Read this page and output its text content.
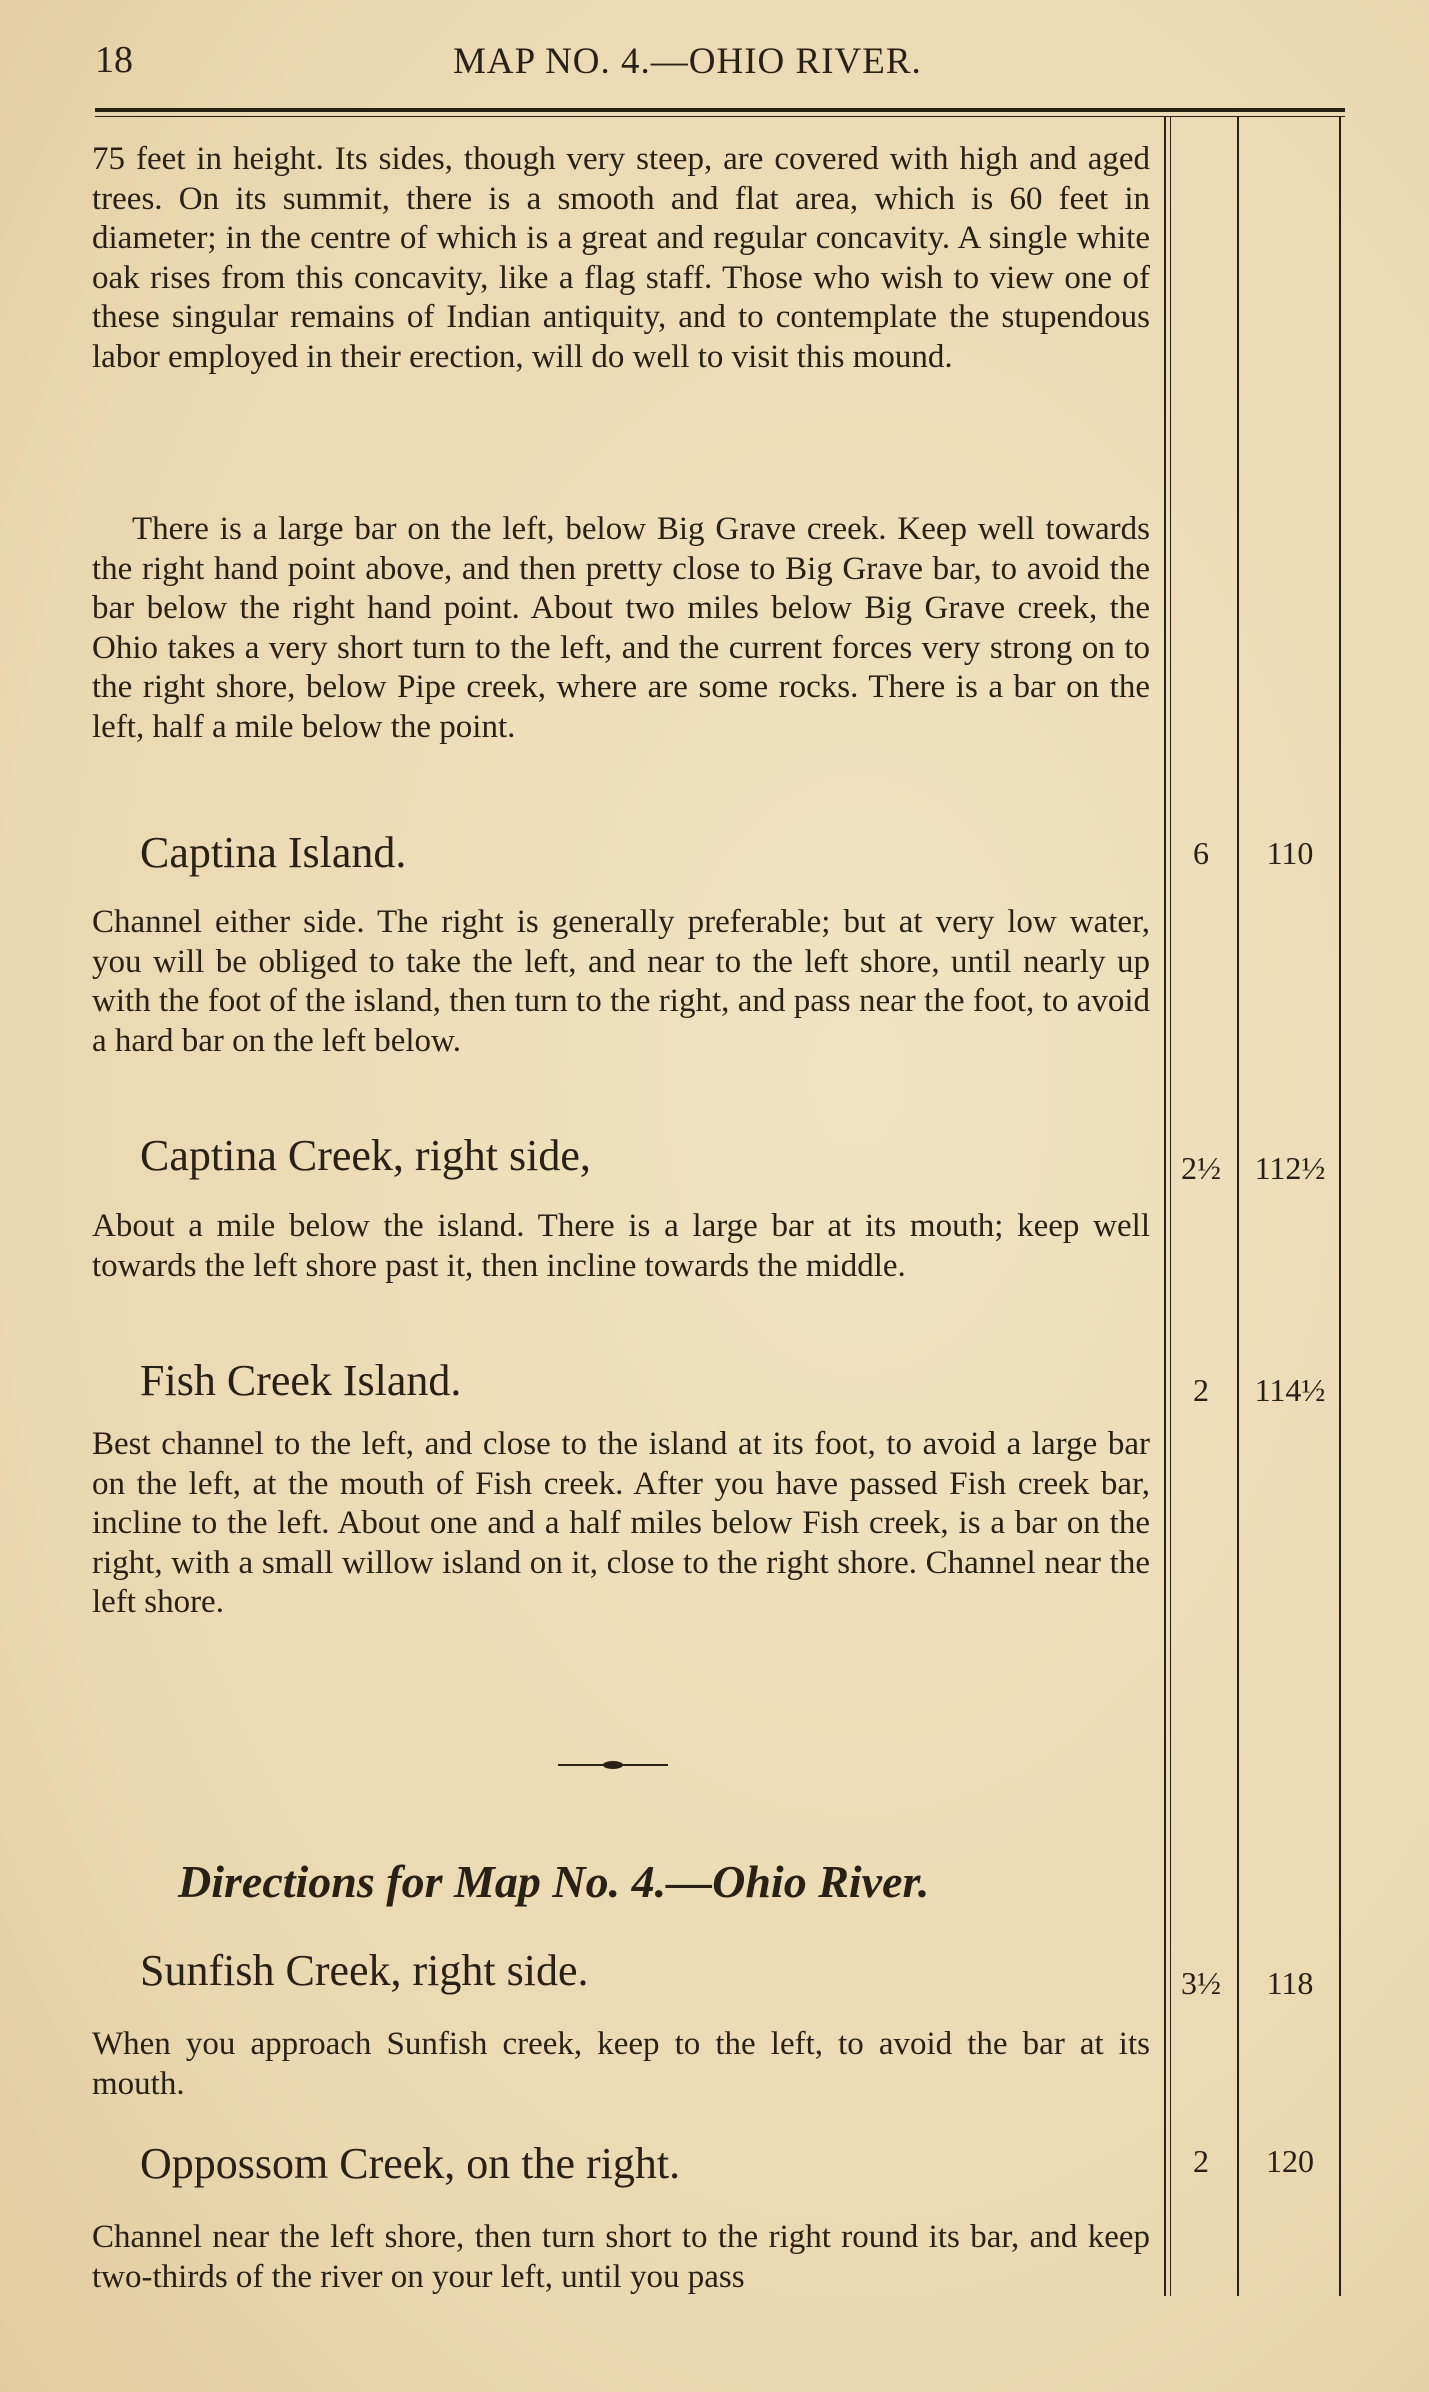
18	MAP NO. 4.—OHIO RIVER.

75 feet in height. Its sides, though very steep, are covered with high and aged trees. On its summit, there is a smooth and flat area, which is 60 feet in diameter; in the centre of which is a great and regular concavity. A single white oak rises from this concavity, like a flag staff. Those who wish to view one of these singular remains of Indian antiquity, and to contemplate the stupendous labor employed in their erection, will do well to visit this mound.

There is a large bar on the left, below Big Grave creek. Keep well towards the right hand point above, and then pretty close to Big Grave bar, to avoid the bar below the right hand point. About two miles below Big Grave creek, the Ohio takes a very short turn to the left, and the current forces very strong on to the right shore, below Pipe creek, where are some rocks. There is a bar on the left, half a mile below the point.

Captina Island.	6	110

Channel either side. The right is generally preferable; but at very low water, you will be obliged to take the left, and near to the left shore, until nearly up with the foot of the island, then turn to the right, and pass near the foot, to avoid a hard bar on the left below.

Captina Creek, right side,	2½	112½

About a mile below the island. There is a large bar at its mouth; keep well towards the left shore past it, then incline towards the middle.

Fish Creek Island.	2	114½

Best channel to the left, and close to the island at its foot, to avoid a large bar on the left, at the mouth of Fish creek. After you have passed Fish creek bar, incline to the left. About one and a half miles below Fish creek, is a bar on the right, with a small willow island on it, close to the right shore. Channel near the left shore.

Directions for Map No. 4.—Ohio River.
Sunfish Creek, right side.	3½	118

When you approach Sunfish creek, keep to the left, to avoid the bar at its mouth.

Oppossom Creek, on the right.	2	120

Channel near the left shore, then turn short to the right round its bar, and keep two-thirds of the river on your left, until you pass
